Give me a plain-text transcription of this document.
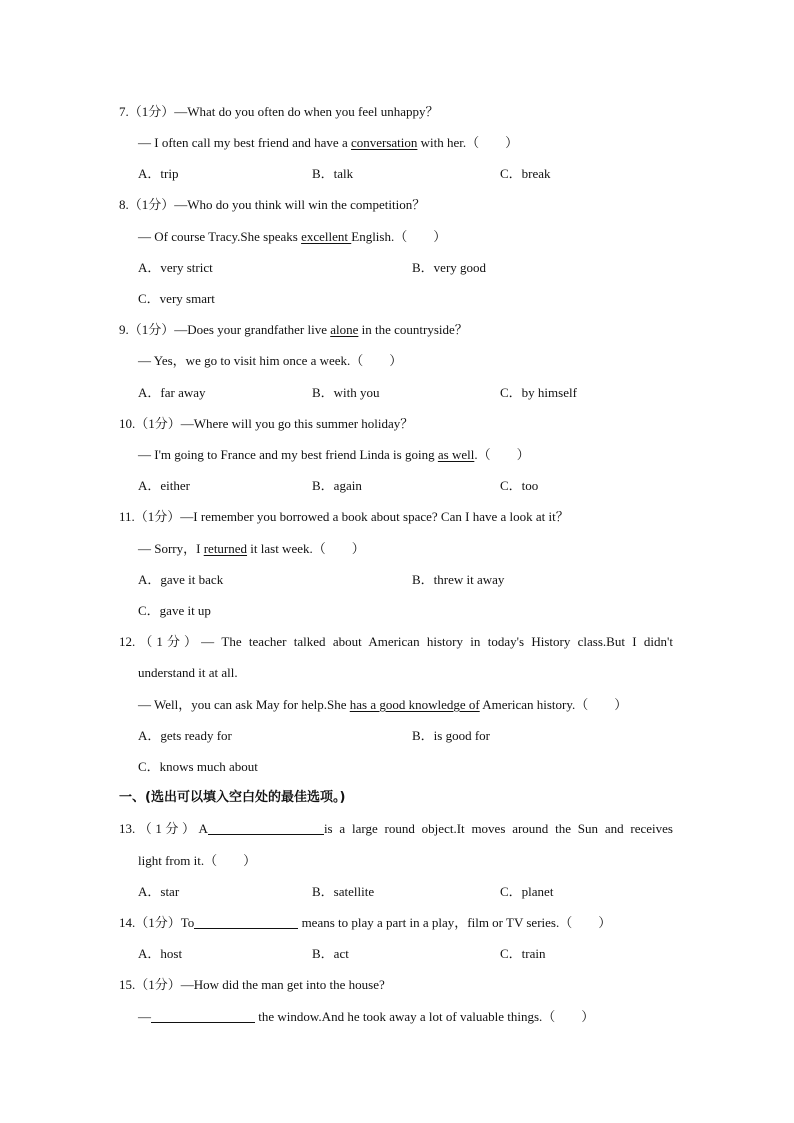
7.（1分）—What do you often do when you feel unhappy？
— I often call my best friend and have a conversation with her.（　　）
A．trip	B．talk	C．break
8.（1分）—Who do you think will win the competition？
— Of course Tracy.She speaks excellent English.（　　）
A．very strict	B．very good
C．very smart
9.（1分）—Does your grandfather live alone in the countryside？
— Yes，we go to visit him once a week.（　　）
A．far away	B．with you	C．by himself
10.（1分）—Where will you go this summer holiday？
— I'm going to France and my best friend Linda is going as well.（　　）
A．either	B．again	C．too
11.（1分）—I remember you borrowed a book about space? Can I have a look at it？
— Sorry，I returned it last week.（　　）
A．gave it back	B．threw it away
C．gave it up
12.（1分）— The teacher talked about American history in today's History class.But I didn't
understand it at all.
— Well，you can ask May for help.She has a good knowledge of American history.（　　）
A．gets ready for	B．is good for
C．knows much about
一、(选出可以填入空白处的最佳选项。)
13.（1分）A	is a large round object.It moves around the Sun and receives
light from it.（　　）
A．star	B．satellite	C．planet
14.（1分）To	means to play a part in a play，film or TV series.（　　）
A．host	B．act	C．train
15.（1分）—How did the man get into the house?
—	the window.And he took away a lot of valuable things.（　　）
